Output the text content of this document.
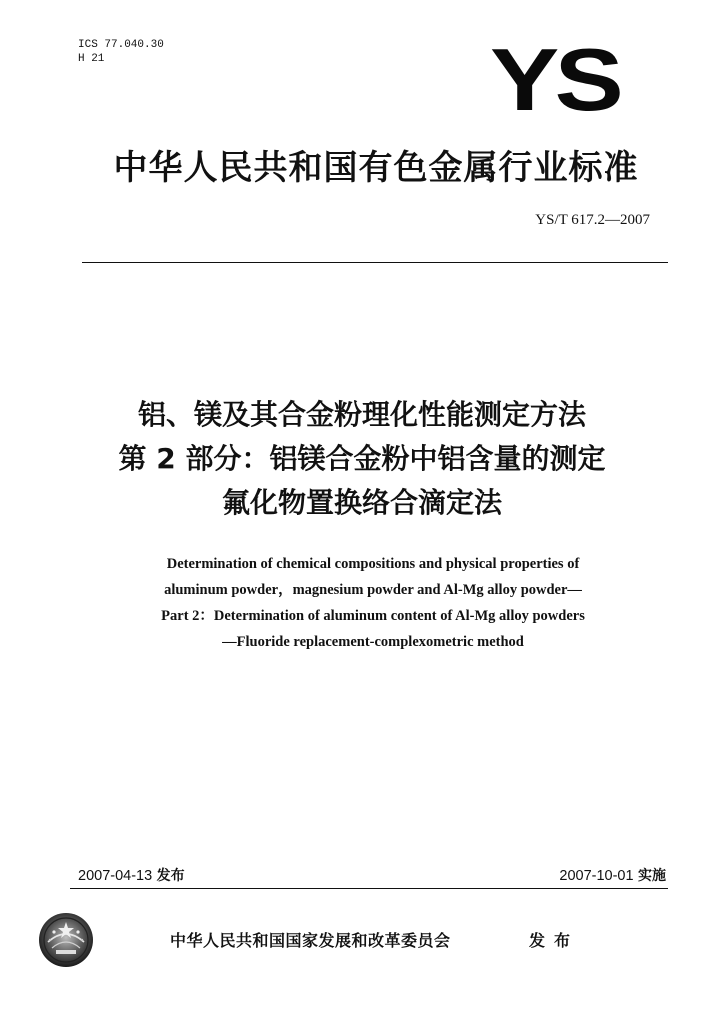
ICS 77.040.30
H 21	YS
中华人民共和国有色金属行业标准
YS/T 617.2—2007
铝、镁及其合金粉理化性能测定方法
第 2 部分：铝镁合金粉中铝含量的测定
氟化物置换络合滴定法
Determination of chemical compositions and physical properties of
aluminum powder，magnesium powder and Al-Mg alloy powder—
Part 2：Determination of aluminum content of Al-Mg alloy powders
—Fluoride replacement-complexometric method
2007-04-13 发布	2007-10-01 实施
中华人民共和国国家发展和改革委员会	发布
